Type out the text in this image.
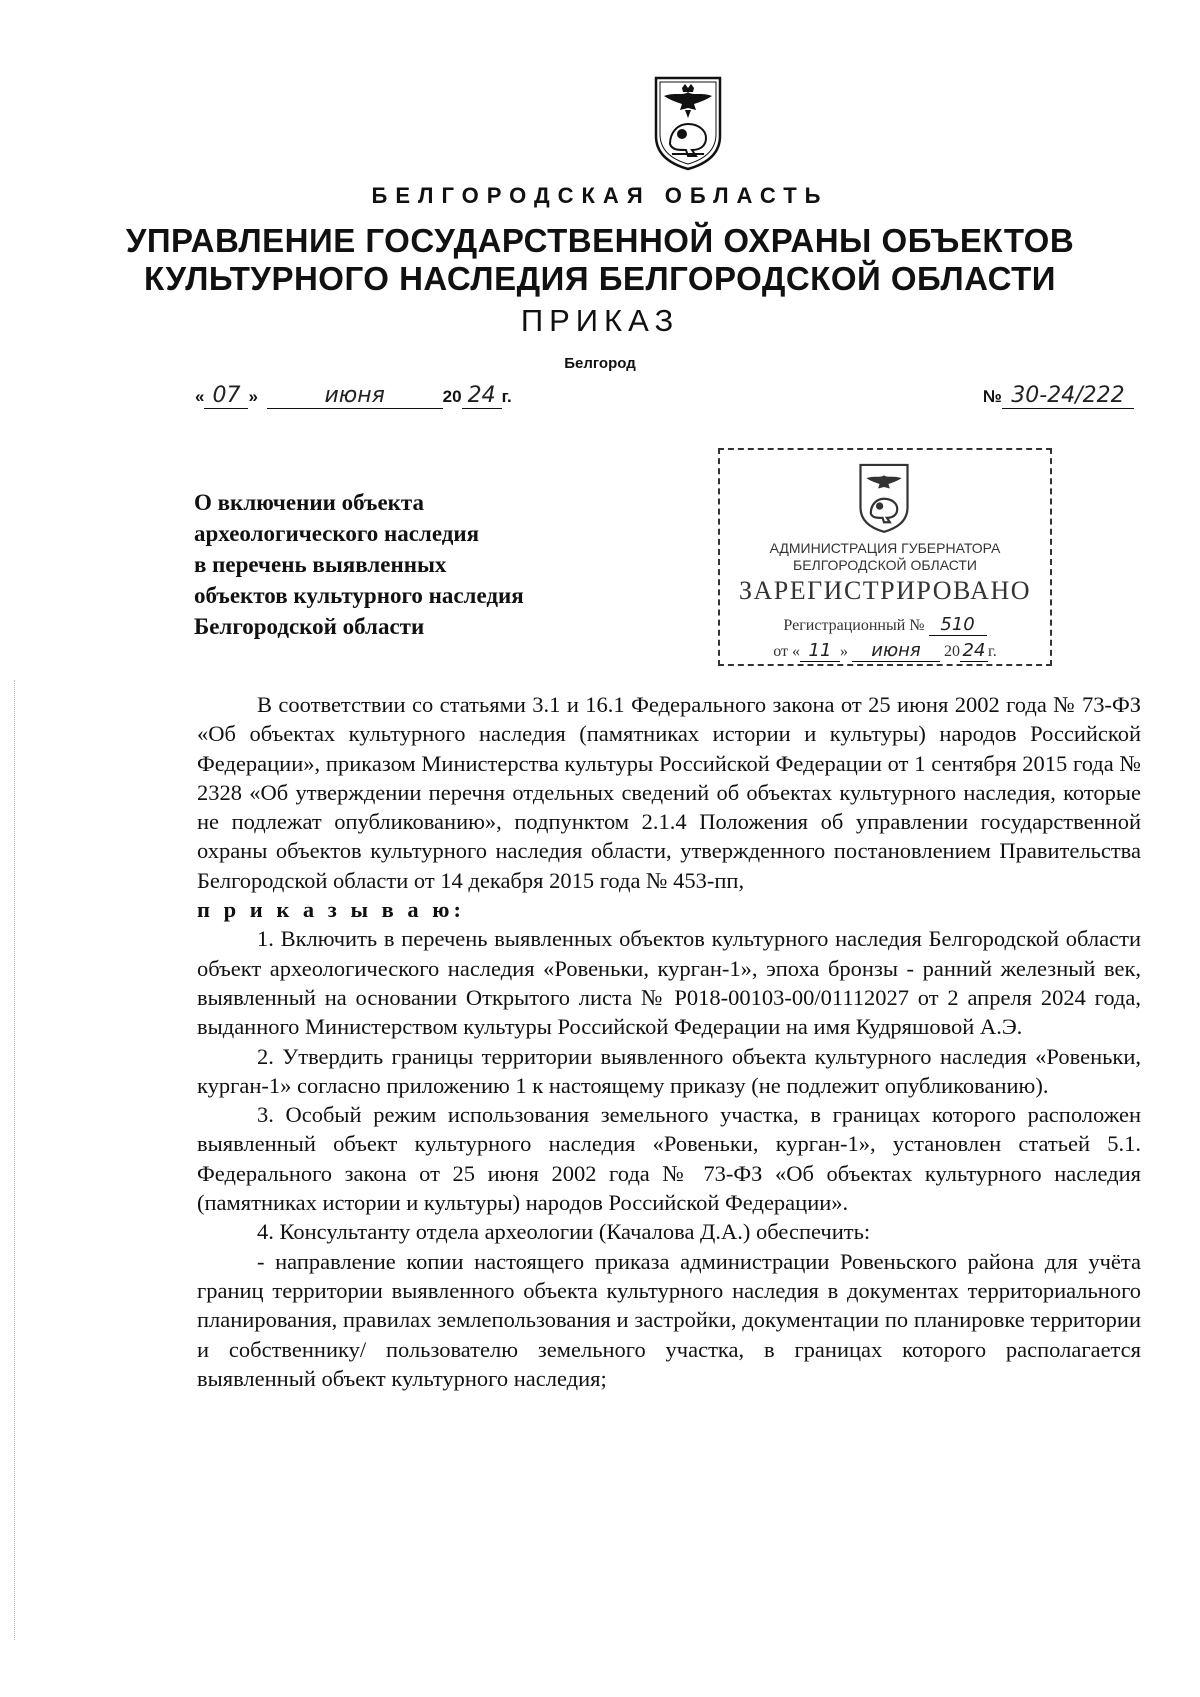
БЕЛГОРОДСКАЯ ОБЛАСТЬ
УПРАВЛЕНИЕ ГОСУДАРСТВЕННОЙ ОХРАНЫ ОБЪЕКТОВ
КУЛЬТУРНОГО НАСЛЕДИЯ БЕЛГОРОДСКОЙ ОБЛАСТИ
ПРИКАЗ
Белгород
« 07 »	июня	20 24 г.	№ 30-24/222
О включении объекта
археологического наследия
в перечень выявленных
объектов культурного наследия
Белгородской области
АДМИНИСТРАЦИЯ ГУБЕРНАТОРА
БЕЛГОРОДСКОЙ ОБЛАСТИ
ЗАРЕГИСТРИРОВАНО
Регистрационный № 510
от « 11 » июня 20 24 г.

В соответствии со статьями 3.1 и 16.1 Федерального закона от 25 июня 2002 года № 73-ФЗ «Об объектах культурного наследия (памятниках истории и культуры) народов Российской Федерации», приказом Министерства культуры Российской Федерации от 1 сентября 2015 года № 2328 «Об утверждении перечня отдельных сведений об объектах культурного наследия, которые не подлежат опубликованию», подпунктом 2.1.4 Положения об управлении государственной охраны объектов культурного наследия области, утвержденного постановлением Правительства Белгородской области от 14 декабря 2015 года № 453-пп,

п р и к а з ы в а ю:

1. Включить в перечень выявленных объектов культурного наследия Белгородской области объект археологического наследия «Ровеньки, курган-1», эпоха бронзы - ранний железный век, выявленный на основании Открытого листа № Р018-00103-00/01112027 от 2 апреля 2024 года, выданного Министерством культуры Российской Федерации на имя Кудряшовой А.Э.

2. Утвердить границы территории выявленного объекта культурного наследия «Ровеньки, курган-1» согласно приложению 1 к настоящему приказу (не подлежит опубликованию).

3. Особый режим использования земельного участка, в границах которого расположен выявленный объект культурного наследия «Ровеньки, курган-1», установлен статьей 5.1. Федерального закона от 25 июня 2002 года № 73-ФЗ «Об объектах культурного наследия (памятниках истории и культуры) народов Российской Федерации».

4. Консультанту отдела археологии (Качалова Д.А.) обеспечить:

- направление копии настоящего приказа администрации Ровеньского района для учёта границ территории выявленного объекта культурного наследия в документах территориального планирования, правилах землепользования и застройки, документации по планировке территории и собственнику/ пользователю земельного участка, в границах которого располагается выявленный объект культурного наследия;
